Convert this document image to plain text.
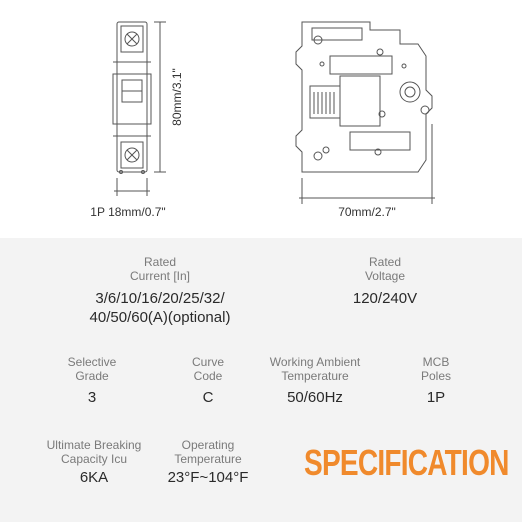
80mm/3.1"
1P 18mm/0.7"	70mm/2.7"
Rated
Current [In]
3/6/10/16/20/25/32/
40/50/60(A)(optional)
Rated
Voltage
120/240V
Selective
Grade
3
Curve
Code
C
Working Ambient
Temperature
50/60Hz
MCB
Poles
1P
Ultimate Breaking
Capacity Icu
6KA
Operating
Temperature
23°F~104°F	SPECIFICATION
